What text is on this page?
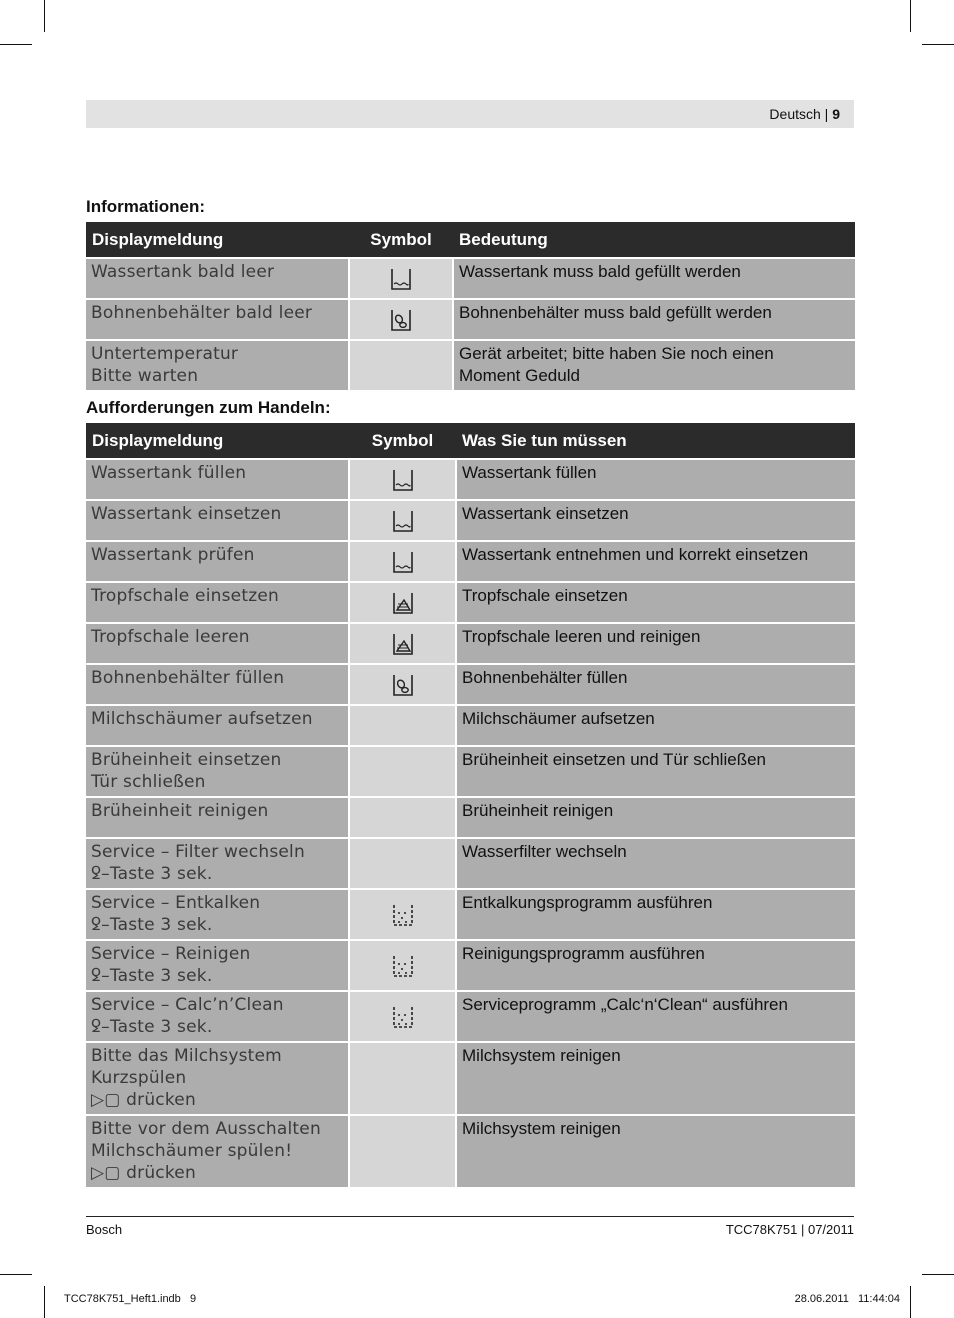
Deutsch | 9
Informationen:
Displaymeldung	Symbol	Bedeutung

Wassertank bald leer		Wassertank muss bald gefüllt werden

Bohnenbehälter bald leer		Bohnenbehälter muss bald gefüllt werden

Untertemperatur
Bitte warten		Gerät arbeitet; bitte haben Sie noch einen
Moment Geduld
Aufforderungen zum Handeln:
Displaymeldung	Symbol	Was Sie tun müssen

Wassertank füllen		Wassertank füllen

Wassertank einsetzen		Wassertank einsetzen

Wassertank prüfen		Wassertank entnehmen und korrekt einsetzen

Tropfschale einsetzen		Tropfschale einsetzen

Tropfschale leeren		Tropfschale leeren und reinigen

Bohnenbehälter füllen		Bohnenbehälter füllen

Milchschäumer aufsetzen		Milchschäumer aufsetzen

Brüheinheit einsetzen
Tür schließen		Brüheinheit einsetzen und Tür schließen

Brüheinheit reinigen		Brüheinheit reinigen

Service – Filter wechseln
ꝿ–Taste 3 sek.		Wasserfilter wechseln

Service – Entkalken
ꝿ–Taste 3 sek.		Entkalkungsprogramm ausführen

Service – Reinigen
ꝿ–Taste 3 sek.		Reinigungsprogramm ausführen

Service – Calc’n’Clean
ꝿ–Taste 3 sek.		Serviceprogramm „Calc‘n‘Clean“ ausführen

Bitte das Milchsystem
Kurzspülen
▷▢ drücken		Milchsystem reinigen

Bitte vor dem Ausschalten
Milchschäumer spülen!
▷▢ drücken		Milchsystem reinigen
Bosch	TCC78K751 | 07/2011
TCC78K751_Heft1.indb   9	28.06.2011   11:44:04
